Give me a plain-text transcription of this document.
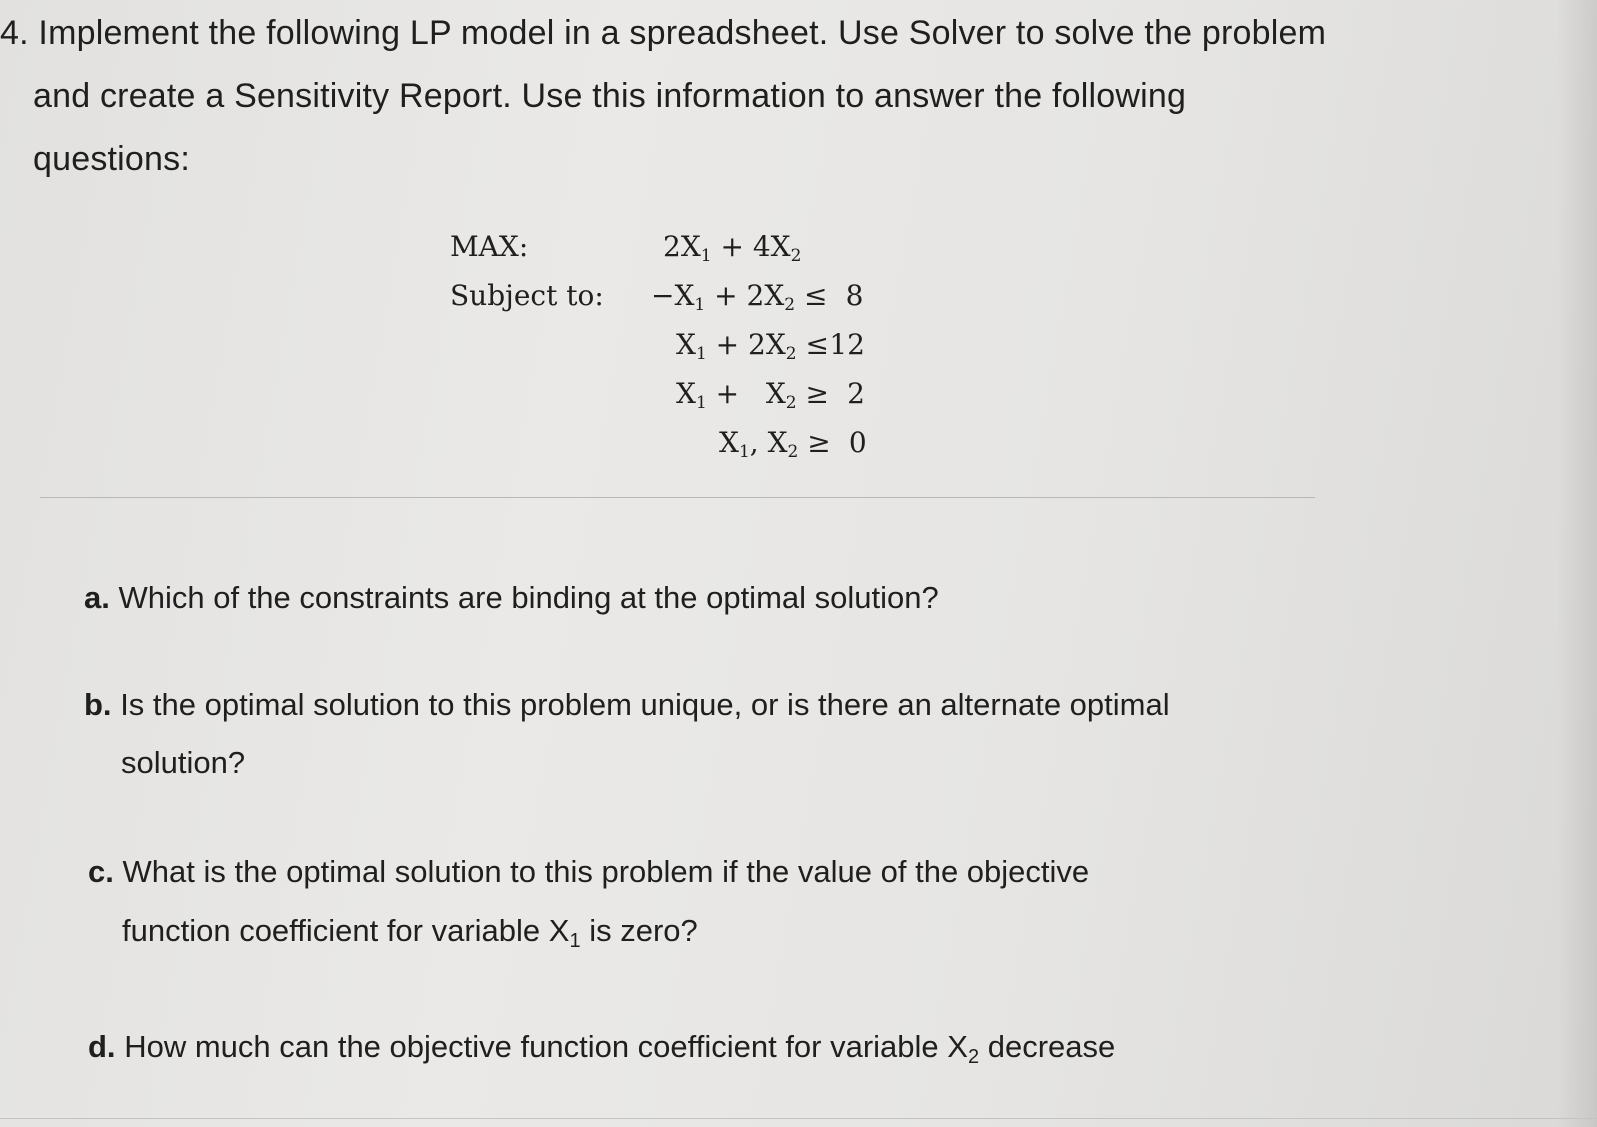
4. Implement the following LP model in a spreadsheet. Use Solver to solve the problem
and create a Sensitivity Report. Use this information to answer the following
questions:
MAX:
Subject to:
$2X_1 + 4X_2$
$-X_1 + 2X_2 \le 8$
$X_1 + 2X_2 \le 12$
$X_1 + X_2 \ge 2$
$X_1$, $X_2 \ge 0$
a. Which of the constraints are binding at the optimal solution?
b. Is the optimal solution to this problem unique, or is there an alternate optimal
solution?
c. What is the optimal solution to this problem if the value of the objective
function coefficient for variable $X_1$ is zero?
d. How much can the objective function coefficient for variable $X_2$ decrease
